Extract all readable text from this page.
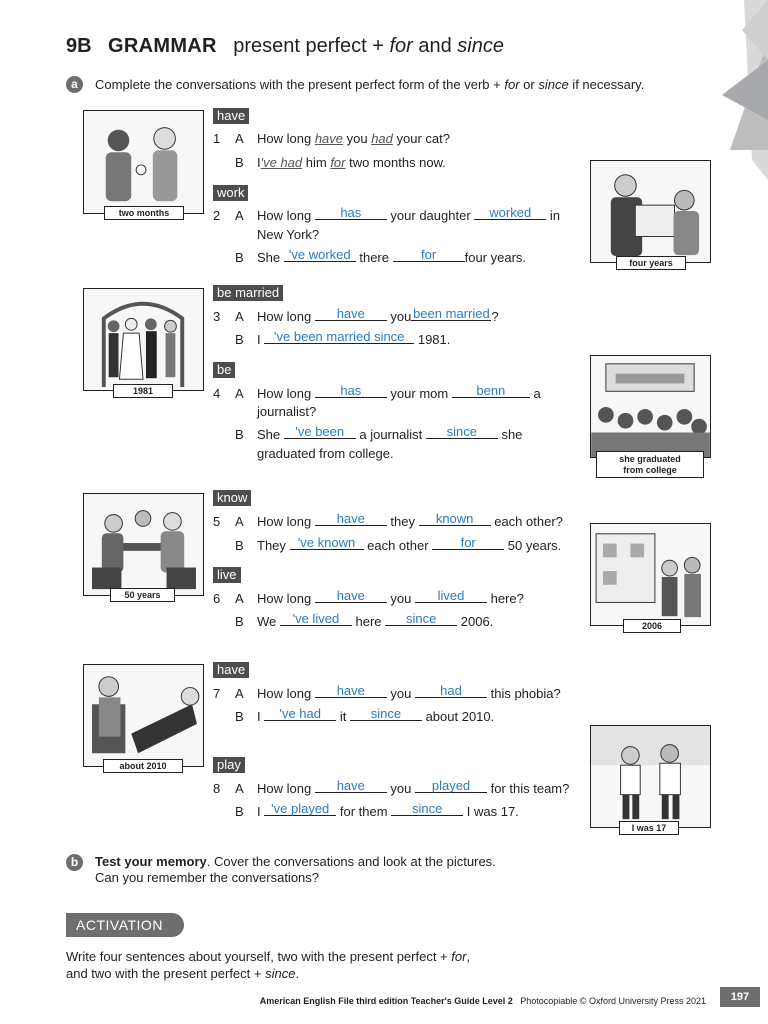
9B GRAMMAR present perfect + for and since
a	Complete the conversations with the present perfect form of the verb + for or since if necessary.
two months
four years
1981
she graduated
from college
50 years
2006
about 2010
I was 17
have
1 A How long have you had your cat?
B I've had him for two months now.
work
2 A How long has your daughter worked in
New York?
B She 've worked there for four years.
be married
3 A How long have you been married ?
B I 've been married since 1981.
be
4 A How long has your mom benn a
journalist?
B She 've been a journalist since she
graduated from college.
know
5 A How long have they known each other?
B They 've known each other for 50 years.
live
6 A How long have you lived here?
B We 've lived here since 2006.
have
7 A How long have you had this phobia?
B I 've had it since about 2010.
play
8 A How long have you played for this team?
B I 've played for them since I was 17.
b	Test your memory. Cover the conversations and look at the pictures.
Can you remember the conversations?
ACTIVATION
Write four sentences about yourself, two with the present perfect + for,
and two with the present perfect + since.
American English File third edition Teacher's Guide Level 2 Photocopiable © Oxford University Press 2021	197
